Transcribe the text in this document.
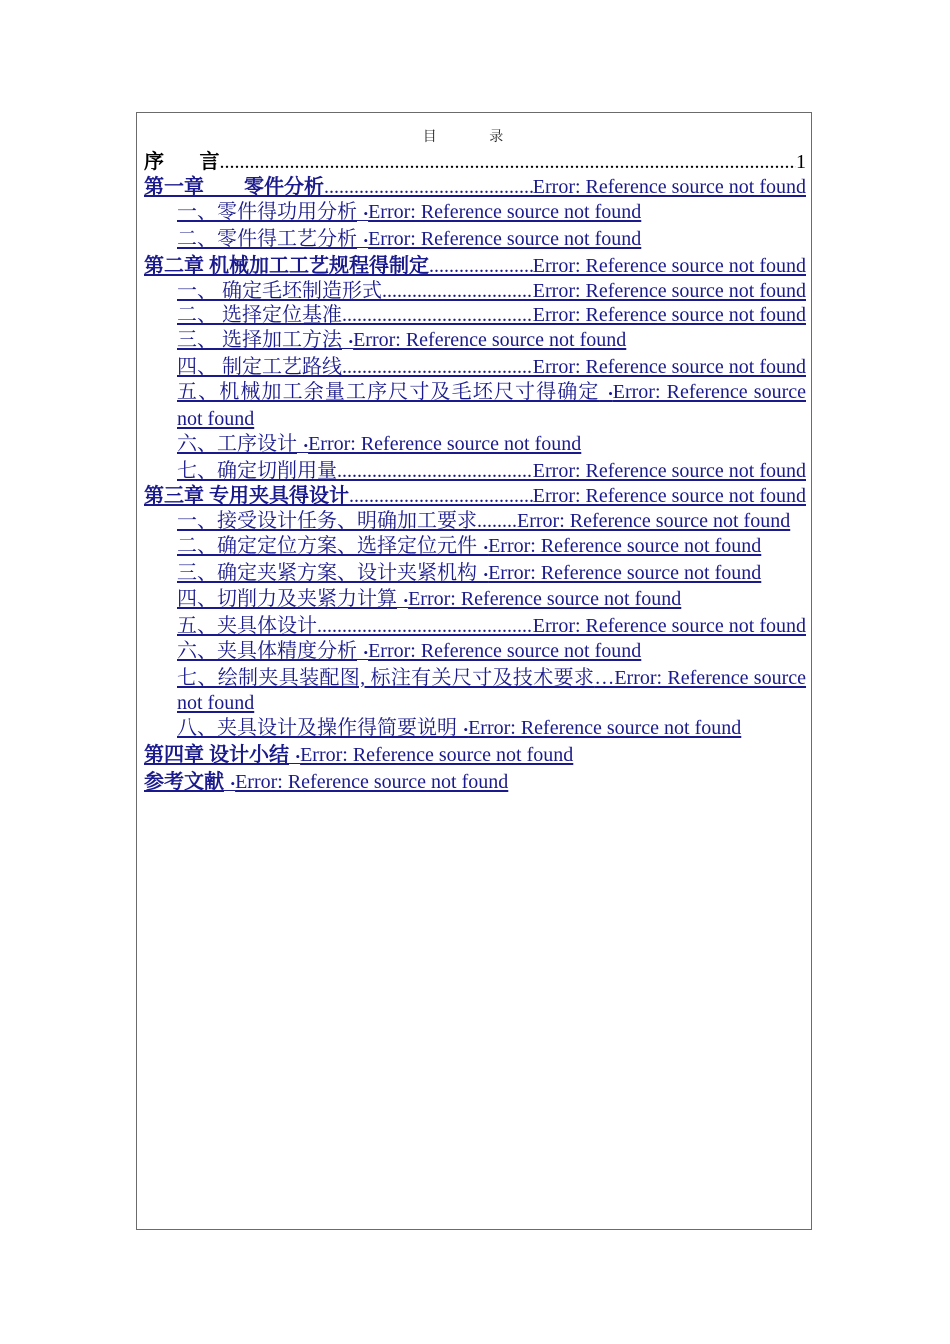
目 录
序 言 .....	1
第一章　　零件分析 .....	Error: Reference source not found
一、零件得功用分析 • Error: Reference source not found
二、零件得工艺分析 • Error: Reference source not found
第二章 机械加工工艺规程得制定 .....	Error: Reference source not found
一、 确定毛坯制造形式 .....	Error: Reference source not found
二、 选择定位基准 .....	Error: Reference source not found
三、 选择加工方法 • Error: Reference source not found
四、 制定工艺路线 .....	Error: Reference source not found
五、机械加工余量工序尺寸及毛坯尺寸得确定  •Error: Reference source not found
六、工序设计 • Error: Reference source not found
七、确定切削用量 .....	Error: Reference source not found
第三章 专用夹具得设计 .....	Error: Reference source not found
一、接受设计任务、明确加工要求........Error: Reference source not found
二、确定定位方案、选择定位元件  •Error: Reference source not found
三、确定夹紧方案、设计夹紧机构  •Error: Reference source not found
四、切削力及夹紧力计算 • Error: Reference source not found
五、夹具体设计 .....	Error: Reference source not found
六、夹具体精度分析 • Error: Reference source not found
七、绘制夹具装配图, 标注有关尺寸及技术要求…Error: Reference source not found
八、夹具设计及操作得简要说明  •Error: Reference source not found
第四章 设计小结 • Error: Reference source not found
参考文献 • Error: Reference source not found
